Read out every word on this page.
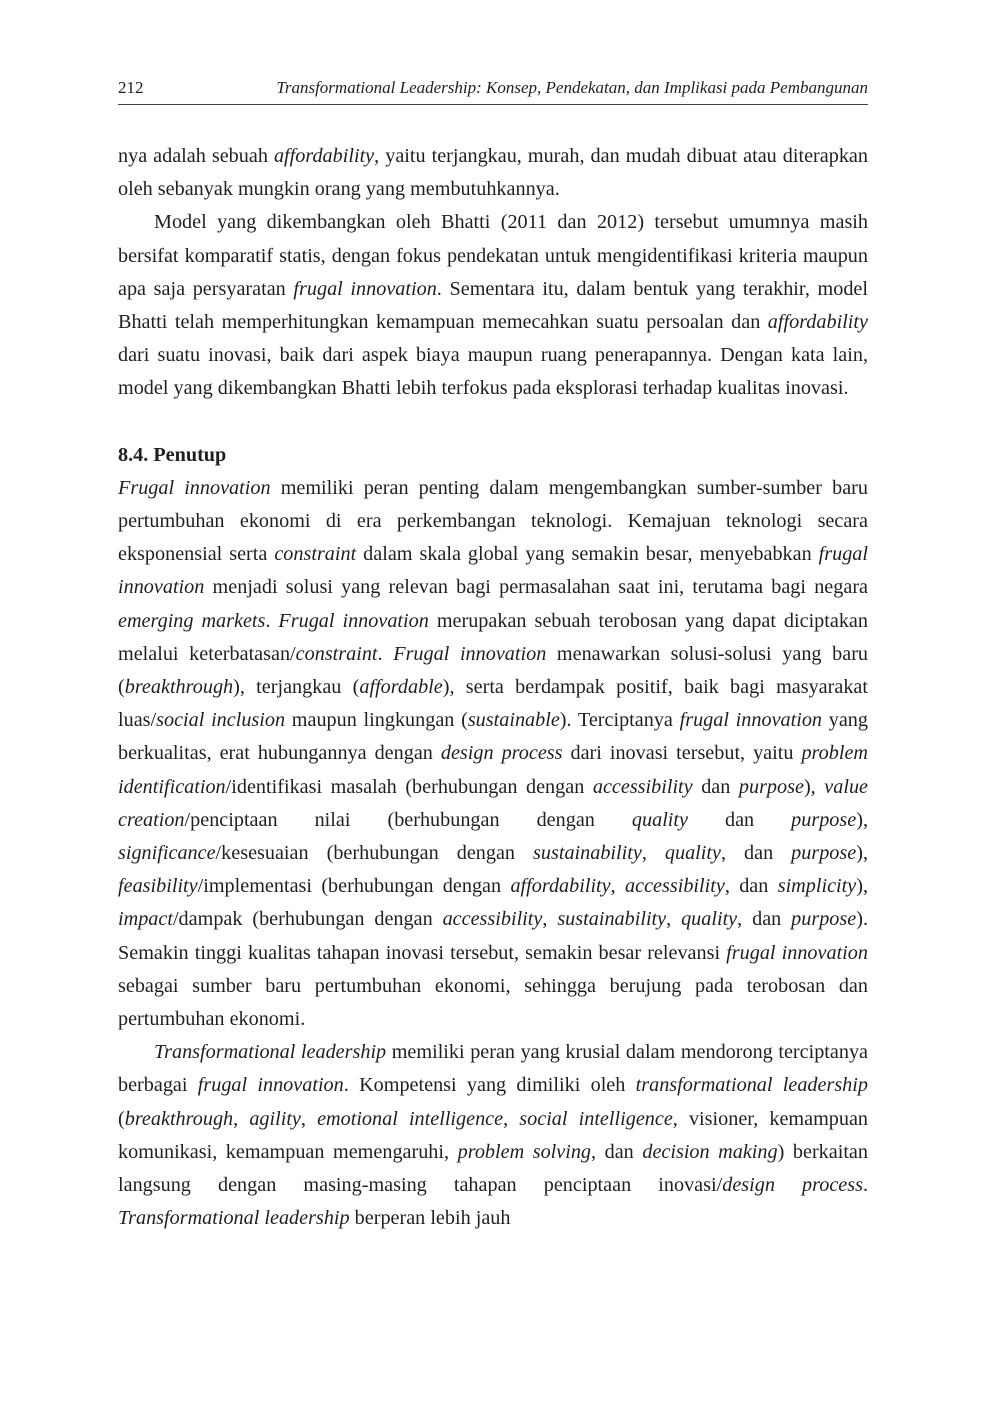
212	Transformational Leadership: Konsep, Pendekatan, dan Implikasi pada Pembangunan

nya adalah sebuah affordability, yaitu terjangkau, murah, dan mudah dibuat atau diterapkan oleh sebanyak mungkin orang yang membutuhkannya.

Model yang dikembangkan oleh Bhatti (2011 dan 2012) tersebut umumnya masih bersifat komparatif statis, dengan fokus pendekatan untuk mengidentifikasi kriteria maupun apa saja persyaratan frugal innovation. Sementara itu, dalam bentuk yang terakhir, model Bhatti telah memperhitungkan kemampuan memecahkan suatu persoalan dan affordability dari suatu inovasi, baik dari aspek biaya maupun ruang penerapannya. Dengan kata lain, model yang dikembangkan Bhatti lebih terfokus pada eksplorasi terhadap kualitas inovasi.

8.4. Penutup

Frugal innovation memiliki peran penting dalam mengembangkan sumber-sumber baru pertumbuhan ekonomi di era perkembangan teknologi. Kemajuan teknologi secara eksponensial serta constraint dalam skala global yang semakin besar, menyebabkan frugal innovation menjadi solusi yang relevan bagi permasalahan saat ini, terutama bagi negara emerging markets. Frugal innovation merupakan sebuah terobosan yang dapat diciptakan melalui keterbatasan/constraint. Frugal innovation menawarkan solusi-solusi yang baru (breakthrough), terjangkau (affordable), serta berdampak positif, baik bagi masyarakat luas/social inclusion maupun lingkungan (sustainable). Terciptanya frugal innovation yang berkualitas, erat hubungannya dengan design process dari inovasi tersebut, yaitu problem identification/identifikasi masalah (berhubungan dengan accessibility dan purpose), value creation/penciptaan nilai (berhubungan dengan quality dan purpose), significance/kesesuaian (berhubungan dengan sustainability, quality, dan purpose), feasibility/implementasi (berhubungan dengan affordability, accessibility, dan simplicity), impact/dampak (berhubungan dengan accessibility, sustainability, quality, dan purpose). Semakin tinggi kualitas tahapan inovasi tersebut, semakin besar relevansi frugal innovation sebagai sumber baru pertumbuhan ekonomi, sehingga berujung pada terobosan dan pertumbuhan ekonomi.

Transformational leadership memiliki peran yang krusial dalam mendorong terciptanya berbagai frugal innovation. Kompetensi yang dimiliki oleh transformational leadership (breakthrough, agility, emotional intelligence, social intelligence, visioner, kemampuan komunikasi, kemampuan memengaruhi, problem solving, dan decision making) berkaitan langsung dengan masing-masing tahapan penciptaan inovasi/design process. Transformational leadership berperan lebih jauh
